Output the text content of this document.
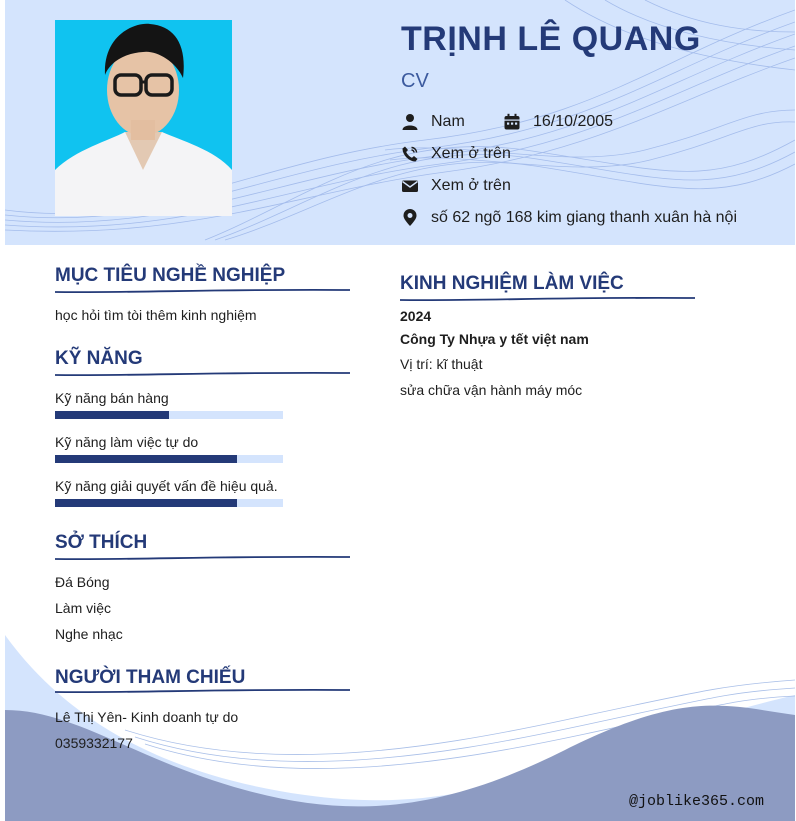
TRỊNH LÊ QUANG
CV
Nam	16/10/2005
Xem ở trên
Xem ở trên
số 62 ngõ 168 kim giang thanh xuân hà nội
MỤC TIÊU NGHỀ NGHIỆP
học hỏi tìm tòi thêm kinh nghiệm
KỸ NĂNG
Kỹ năng bán hàng
Kỹ năng làm việc tự do
Kỹ năng giải quyết vấn đề hiệu quả.
SỞ THÍCH
Đá Bóng
Làm việc
Nghe nhạc
NGƯỜI THAM CHIẾU
Lê Thị Yên- Kinh doanh tự do
0359332177
KINH NGHIỆM LÀM VIỆC
2024
Công Ty Nhựa y tết việt nam
Vị trí: kĩ thuật
sửa chữa vận hành máy móc
@joblike365.com
